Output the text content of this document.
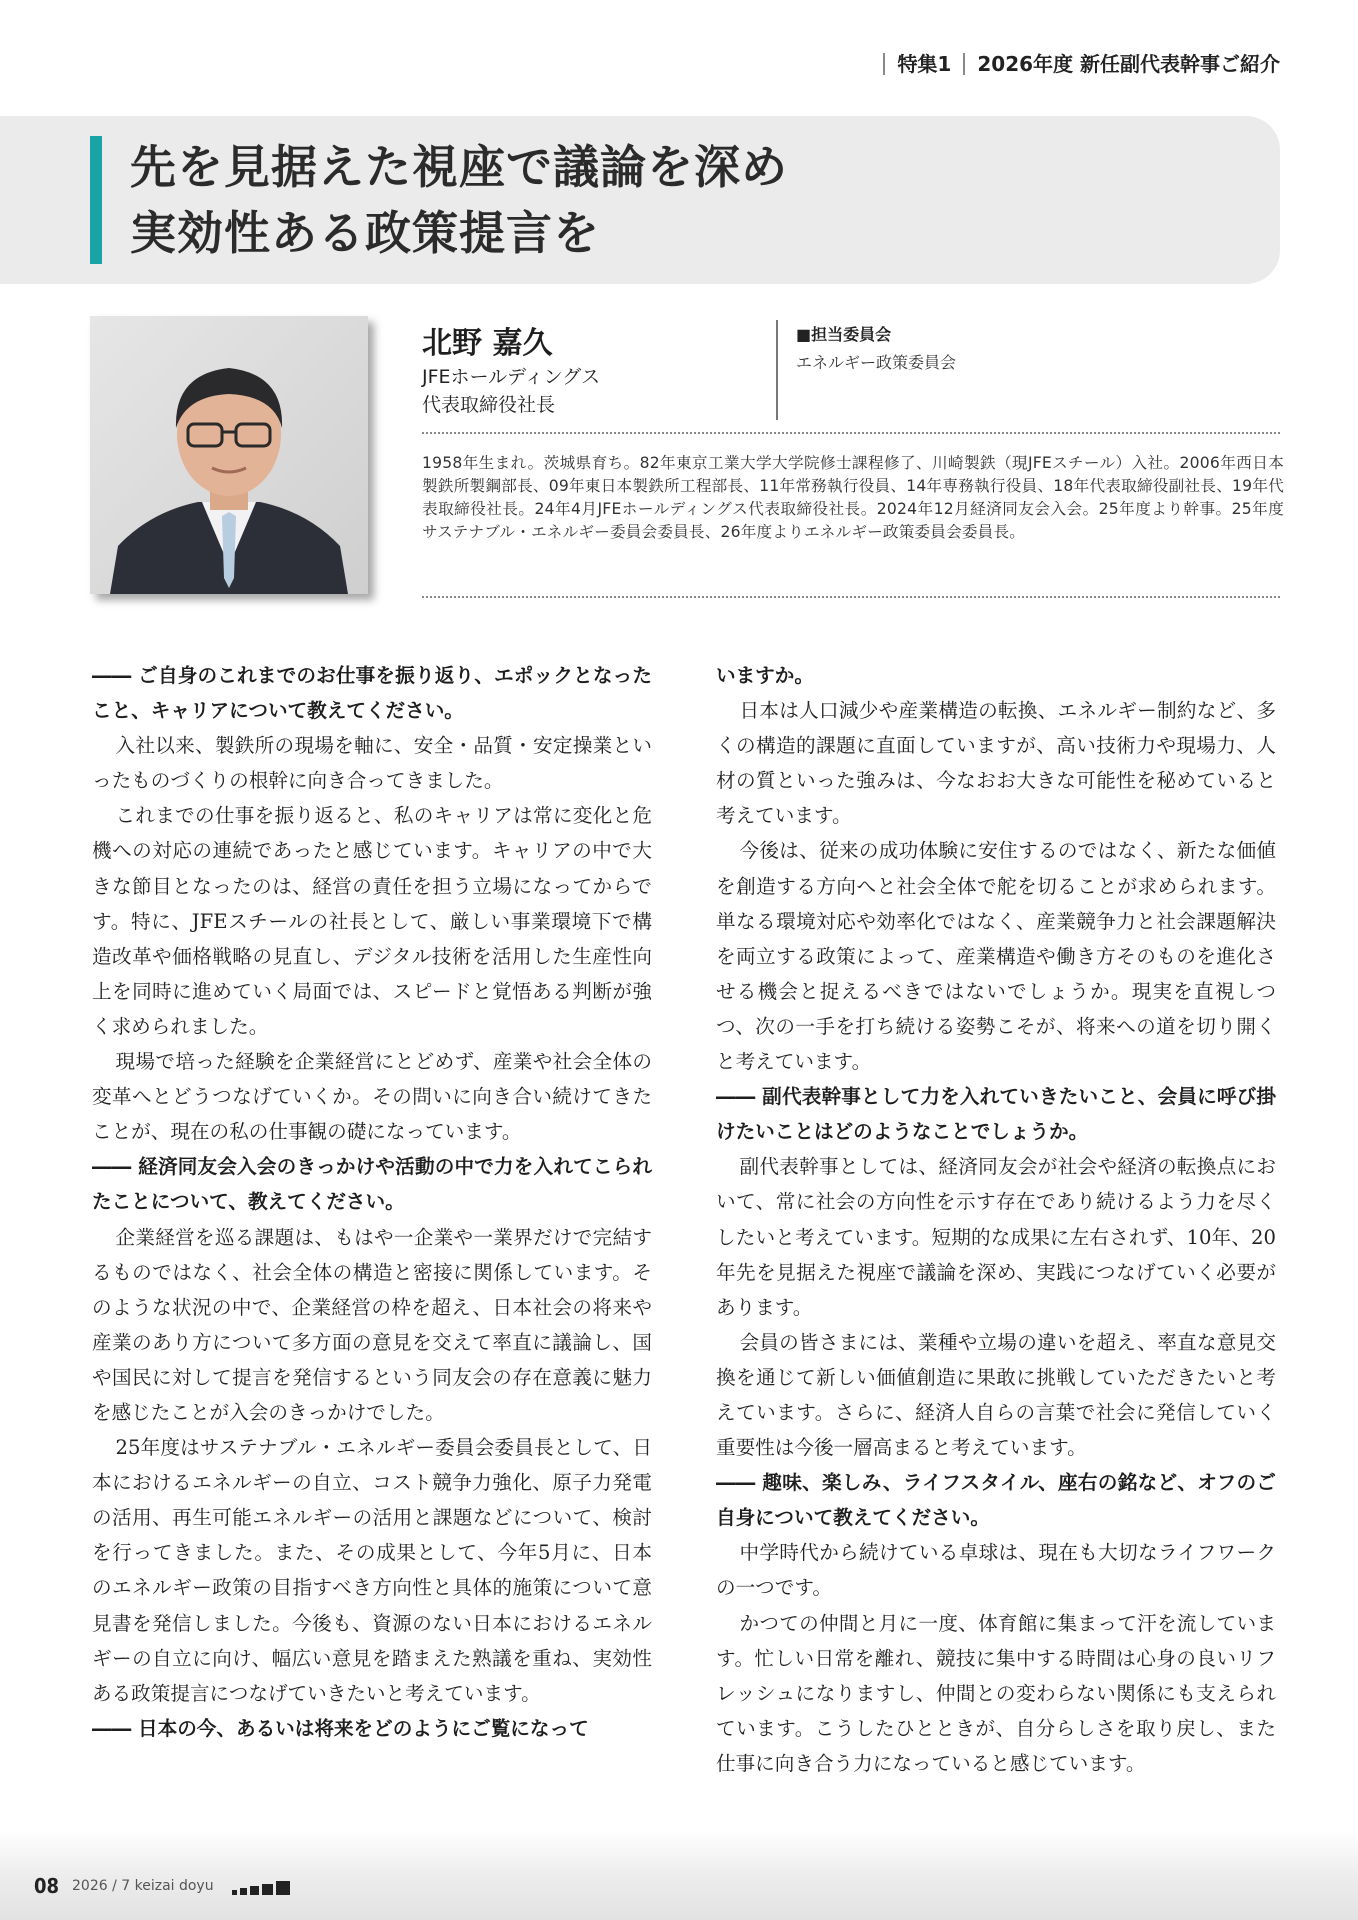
特集1 2026年度 新任副代表幹事ご紹介
先を見据えた視座で議論を深め
実効性ある政策提言を
北野 嘉久
JFEホールディングス
代表取締役社長
■担当委員会
エネルギー政策委員会

1958年生まれ。茨城県育ち。82年東京工業大学大学院修士課程修了、川崎製鉄（現JFEスチール）入社。2006年西日本製鉄所製鋼部長、09年東日本製鉄所工程部長、11年常務執行役員、14年専務執行役員、18年代表取締役副社長、19年代表取締役社長。24年4月JFEホールディングス代表取締役社長。2024年12月経済同友会入会。25年度より幹事。25年度サステナブル・エネルギー委員会委員長、26年度よりエネルギー政策委員会委員長。

―― ご自身のこれまでのお仕事を振り返り、エポックとなったこと、キャリアについて教えてください。

入社以来、製鉄所の現場を軸に、安全・品質・安定操業といったものづくりの根幹に向き合ってきました。

これまでの仕事を振り返ると、私のキャリアは常に変化と危機への対応の連続であったと感じています。キャリアの中で大きな節目となったのは、経営の責任を担う立場になってからです。特に、JFEスチールの社長として、厳しい事業環境下で構造改革や価格戦略の見直し、デジタル技術を活用した生産性向上を同時に進めていく局面では、スピードと覚悟ある判断が強く求められました。

現場で培った経験を企業経営にとどめず、産業や社会全体の変革へとどうつなげていくか。その問いに向き合い続けてきたことが、現在の私の仕事観の礎になっています。

―― 経済同友会入会のきっかけや活動の中で力を入れてこられたことについて、教えてください。

企業経営を巡る課題は、もはや一企業や一業界だけで完結するものではなく、社会全体の構造と密接に関係しています。そのような状況の中で、企業経営の枠を超え、日本社会の将来や産業のあり方について多方面の意見を交えて率直に議論し、国や国民に対して提言を発信するという同友会の存在意義に魅力を感じたことが入会のきっかけでした。

25年度はサステナブル・エネルギー委員会委員長として、日本におけるエネルギーの自立、コスト競争力強化、原子力発電の活用、再生可能エネルギーの活用と課題などについて、検討を行ってきました。また、その成果として、今年5月に、日本のエネルギー政策の目指すべき方向性と具体的施策について意見書を発信しました。今後も、資源のない日本におけるエネルギーの自立に向け、幅広い意見を踏まえた熟議を重ね、実効性ある政策提言につなげていきたいと考えています。

―― 日本の今、あるいは将来をどのようにご覧になって

いますか。

日本は人口減少や産業構造の転換、エネルギー制約など、多くの構造的課題に直面していますが、高い技術力や現場力、人材の質といった強みは、今なおお大きな可能性を秘めていると考えています。

今後は、従来の成功体験に安住するのではなく、新たな価値を創造する方向へと社会全体で舵を切ることが求められます。単なる環境対応や効率化ではなく、産業競争力と社会課題解決を両立する政策によって、産業構造や働き方そのものを進化させる機会と捉えるべきではないでしょうか。現実を直視しつつ、次の一手を打ち続ける姿勢こそが、将来への道を切り開くと考えています。

―― 副代表幹事として力を入れていきたいこと、会員に呼び掛けたいことはどのようなことでしょうか。

副代表幹事としては、経済同友会が社会や経済の転換点において、常に社会の方向性を示す存在であり続けるよう力を尽くしたいと考えています。短期的な成果に左右されず、10年、20年先を見据えた視座で議論を深め、実践につなげていく必要があります。

会員の皆さまには、業種や立場の違いを超え、率直な意見交換を通じて新しい価値創造に果敢に挑戦していただきたいと考えています。さらに、経済人自らの言葉で社会に発信していく重要性は今後一層高まると考えています。

―― 趣味、楽しみ、ライフスタイル、座右の銘など、オフのご自身について教えてください。

中学時代から続けている卓球は、現在も大切なライフワークの一つです。

かつての仲間と月に一度、体育館に集まって汗を流しています。忙しい日常を離れ、競技に集中する時間は心身の良いリフレッシュになりますし、仲間との変わらない関係にも支えられています。こうしたひとときが、自分らしさを取り戻し、また仕事に向き合う力になっていると感じています。

08 2026 / 7 keizai doyu
